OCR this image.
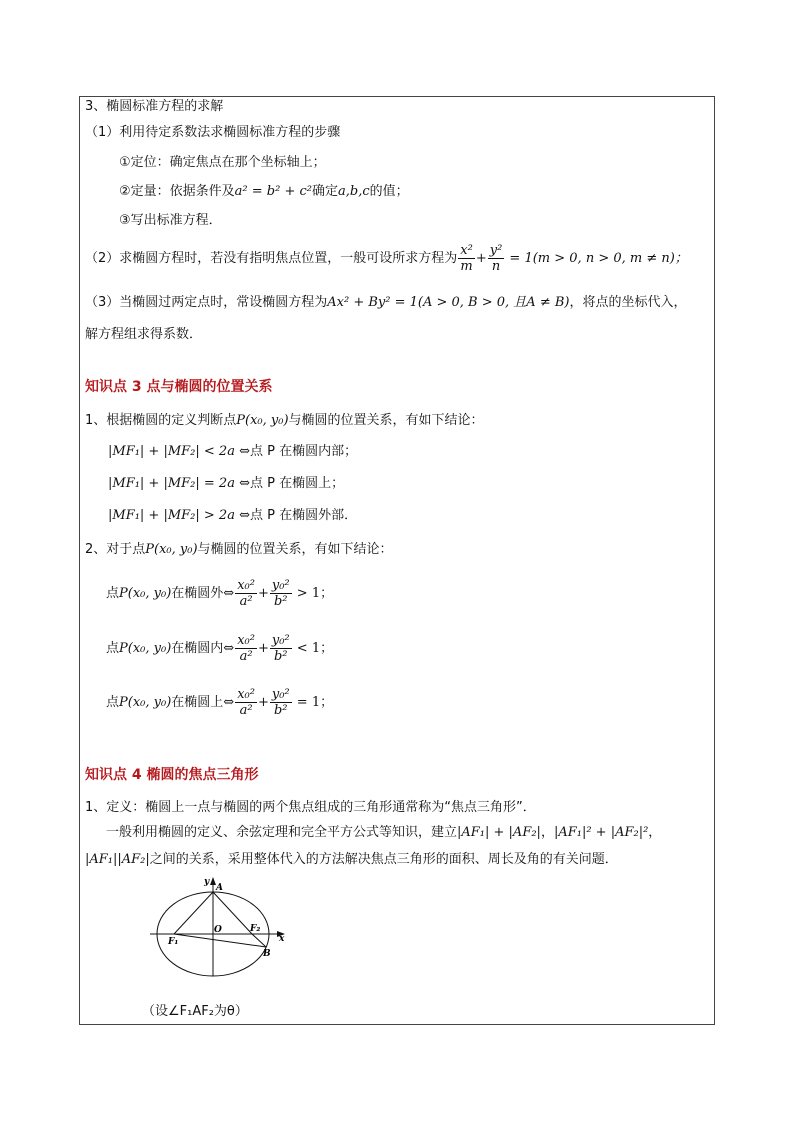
3、椭圆标准方程的求解
（1）利用待定系数法求椭圆标准方程的步骤
①定位：确定焦点在那个坐标轴上；
②定量：依据条件及a² = b² + c²确定a,b,c的值；
③写出标准方程．
（2）求椭圆方程时，若没有指明焦点位置，一般可设所求方程为 $\frac{\text{x²}}{m} + \frac{\text{y²}}{n} = 1(m > 0$, n > 0, m ≠ n)；
（3）当椭圆过两定点时，常设椭圆方程为Ax² + By² = 1(A > 0, B > 0, 且A ≠ B)，将点的坐标代入，
解方程组求得系数．
知识点 3 点与椭圆的位置关系
1、根据椭圆的定义判断点P(x₀, y₀)与椭圆的位置关系，有如下结论：
|MF₁| + |MF₂| < 2a ⇔点 P 在椭圆内部；
|MF₁| + |MF₂| = 2a ⇔点 P 在椭圆上；
|MF₁| + |MF₂| > 2a ⇔点 P 在椭圆外部．
2、对于点P(x₀, y₀)与椭圆的位置关系，有如下结论：
点P(x₀, y₀)在椭圆外⇔ $\frac{\text{x₀²}}{\text{a²}} + \frac{\text{y₀²}}{\text{b²}} > 1$；
点P(x₀, y₀)在椭圆内⇔ $\frac{\text{x₀²}}{\text{a²}} + \frac{\text{y₀²}}{\text{b²}} < 1$；
点P(x₀, y₀)在椭圆上⇔ $\frac{\text{x₀²}}{\text{a²}} + \frac{\text{y₀²}}{\text{b²}} = 1$；
知识点 4 椭圆的焦点三角形
1、定义：椭圆上一点与椭圆的两个焦点组成的三角形通常称为“焦点三角形”．
一般利用椭圆的定义、余弦定理和完全平方公式等知识，建立|AF₁| + |AF₂|，|AF₁|² + |AF₂|²，
|AF₁||AF₂|之间的关系，采用整体代入的方法解决焦点三角形的面积、周长及角的有关问题．
y
A
O
F₁
F₂
x
B
（设∠F₁AF₂为θ）
